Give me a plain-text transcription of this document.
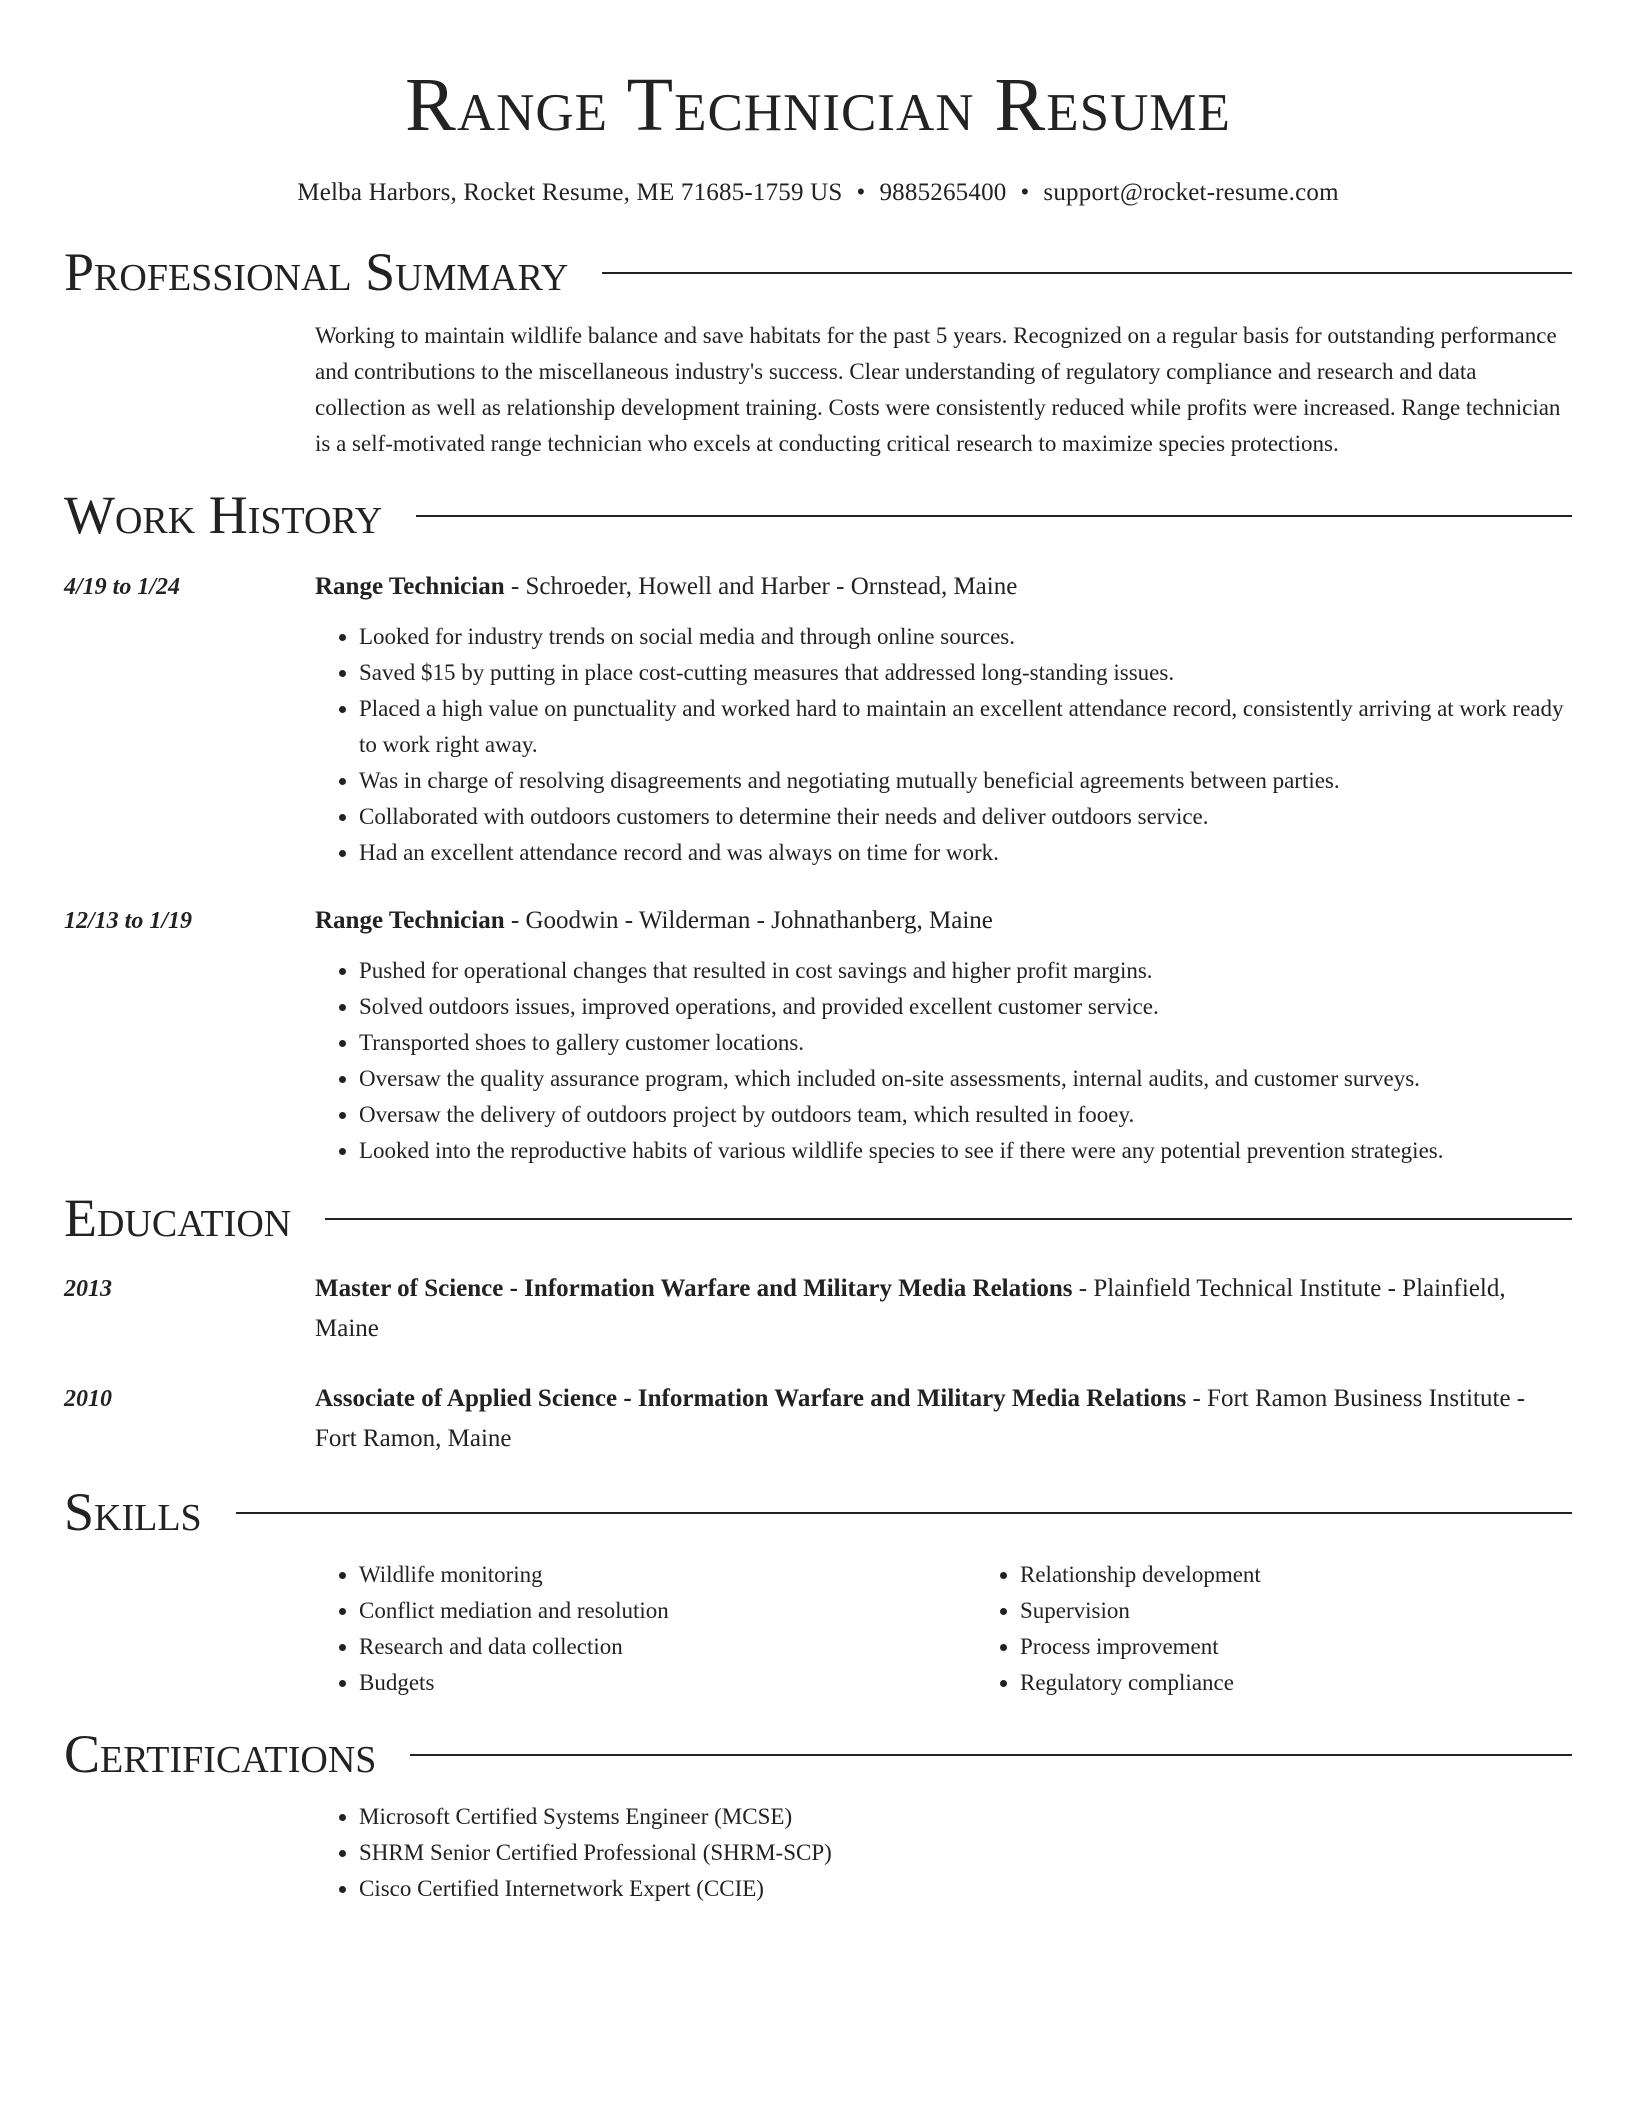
Range Technician Resume
Melba Harbors, Rocket Resume, ME 71685-1759 US • 9885265400 • support@rocket-resume.com
Professional Summary
Working to maintain wildlife balance and save habitats for the past 5 years. Recognized on a regular basis for outstanding performance and contributions to the miscellaneous industry's success. Clear understanding of regulatory compliance and research and data collection as well as relationship development training. Costs were consistently reduced while profits were increased. Range technician is a self-motivated range technician who excels at conducting critical research to maximize species protections.
Work History
4/19 to 1/24	Range Technician - Schroeder, Howell and Harber - Ornstead, Maine
• Looked for industry trends on social media and through online sources.
• Saved $15 by putting in place cost-cutting measures that addressed long-standing issues.
• Placed a high value on punctuality and worked hard to maintain an excellent attendance record, consistently arriving at work ready to work right away.
• Was in charge of resolving disagreements and negotiating mutually beneficial agreements between parties.
• Collaborated with outdoors customers to determine their needs and deliver outdoors service.
• Had an excellent attendance record and was always on time for work.
12/13 to 1/19	Range Technician - Goodwin - Wilderman - Johnathanberg, Maine
• Pushed for operational changes that resulted in cost savings and higher profit margins.
• Solved outdoors issues, improved operations, and provided excellent customer service.
• Transported shoes to gallery customer locations.
• Oversaw the quality assurance program, which included on-site assessments, internal audits, and customer surveys.
• Oversaw the delivery of outdoors project by outdoors team, which resulted in fooey.
• Looked into the reproductive habits of various wildlife species to see if there were any potential prevention strategies.
Education
2013	Master of Science - Information Warfare and Military Media Relations - Plainfield Technical Institute - Plainfield, Maine
2010	Associate of Applied Science - Information Warfare and Military Media Relations - Fort Ramon Business Institute - Fort Ramon, Maine
Skills
• Wildlife monitoring
• Conflict mediation and resolution
• Research and data collection
• Budgets
• Relationship development
• Supervision
• Process improvement
• Regulatory compliance
Certifications
• Microsoft Certified Systems Engineer (MCSE)
• SHRM Senior Certified Professional (SHRM-SCP)
• Cisco Certified Internetwork Expert (CCIE)
